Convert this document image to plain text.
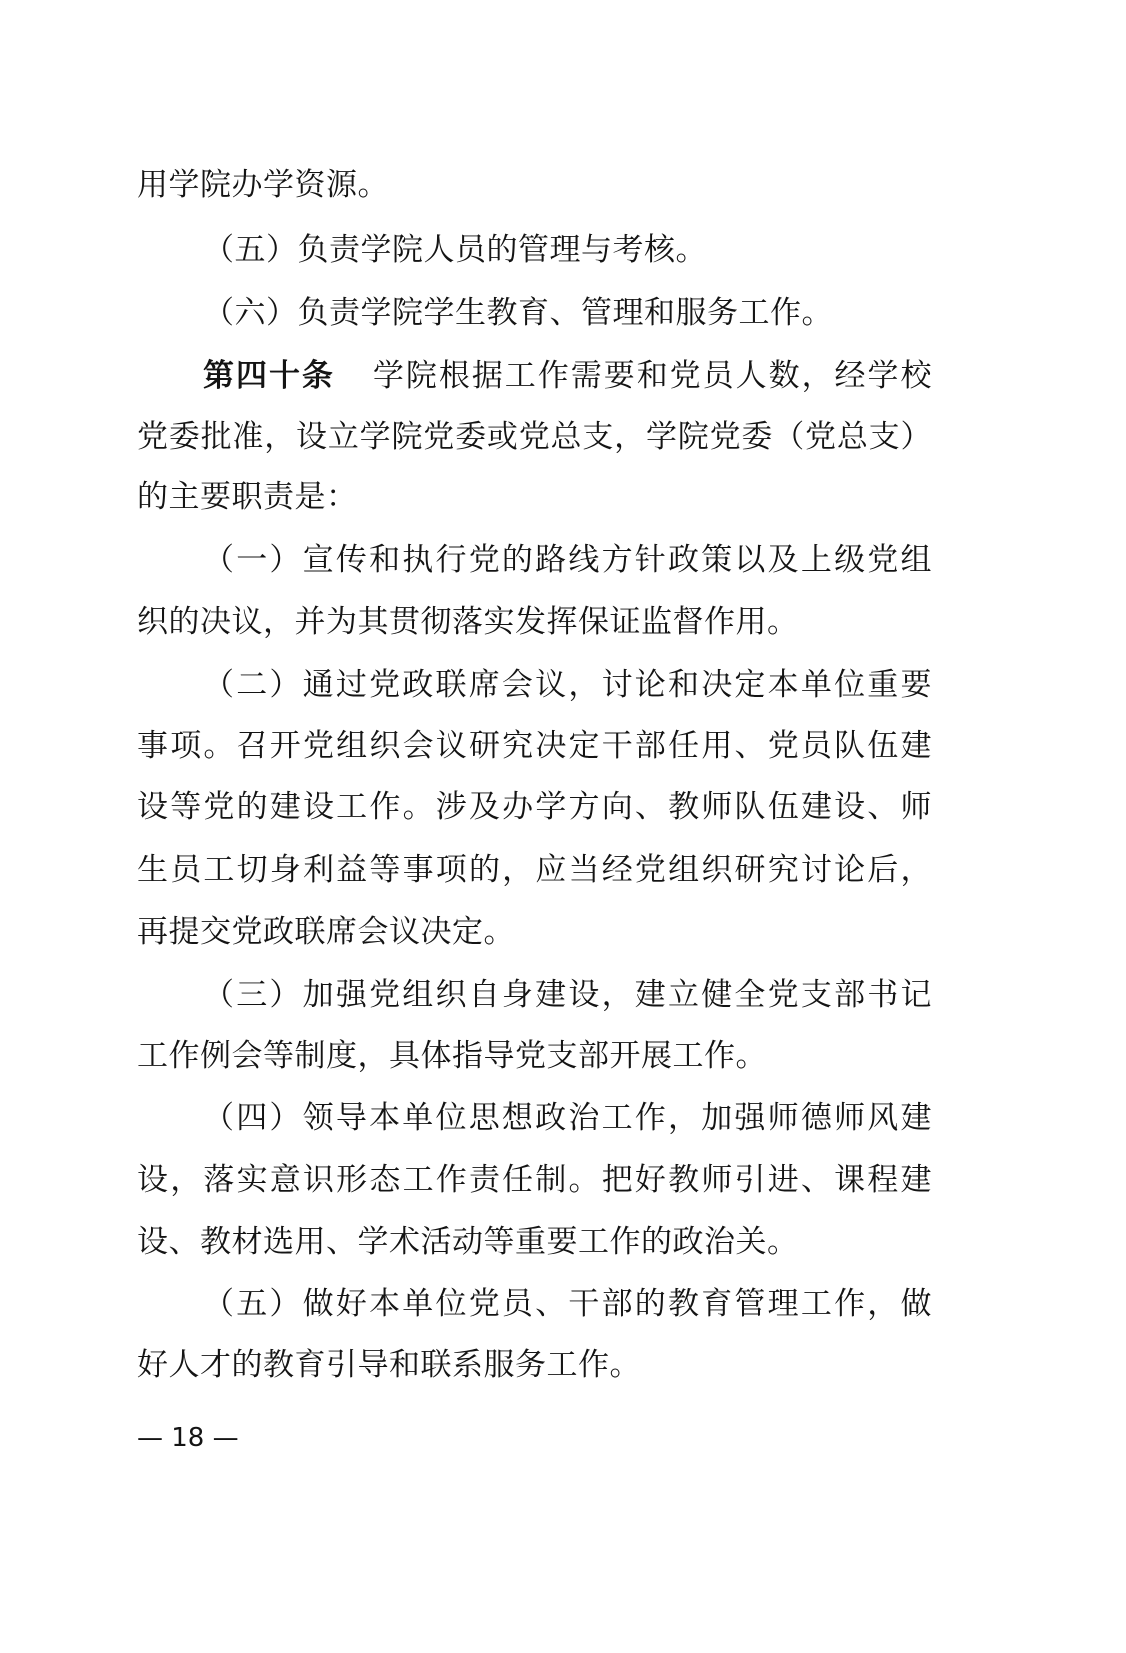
用学院办学资源。
（五）负责学院人员的管理与考核。
（六）负责学院学生教育、管理和服务工作。
第四十条 学院根据工作需要和党员人数，经学校
党委批准，设立学院党委或党总支，学院党委（党总支）
的主要职责是：
（一）宣传和执行党的路线方针政策以及上级党组
织的决议，并为其贯彻落实发挥保证监督作用。
（二）通过党政联席会议，讨论和决定本单位重要
事项。召开党组织会议研究决定干部任用、党员队伍建
设等党的建设工作。涉及办学方向、教师队伍建设、师
生员工切身利益等事项的，应当经党组织研究讨论后，
再提交党政联席会议决定。
（三）加强党组织自身建设，建立健全党支部书记
工作例会等制度，具体指导党支部开展工作。
（四）领导本单位思想政治工作，加强师德师风建
设，落实意识形态工作责任制。把好教师引进、课程建
设、教材选用、学术活动等重要工作的政治关。
（五）做好本单位党员、干部的教育管理工作，做
好人才的教育引导和联系服务工作。
— 18 —
